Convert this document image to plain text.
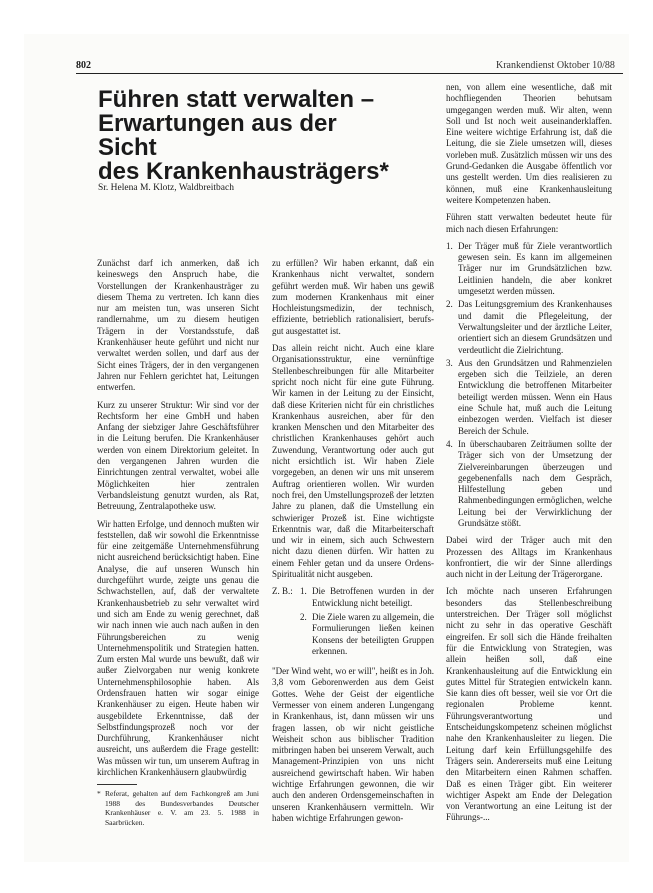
802	Krankendienst Oktober 10/88
Führen statt verwalten –
Erwartungen aus der Sicht
des Krankenhausträgers*
Sr. Helena M. Klotz, Waldbreitbach

Zunächst darf ich anmerken, daß ich keineswegs den Anspruch habe, die Vorstellungen der Krankenhausträger zu diesem Thema zu vertreten. Ich kann dies nur am meisten tun, was unseren Sicht randlernahme, um zu diesem heutigen Trägern in der Vorstandsstufe, daß Krankenhäuser heute geführt und nicht nur verwaltet werden sollen, und darf aus der Sicht eines Trägers, der in den vergangenen Jahren nur Fehlern gerichtet hat, Leitungen entwerfen.

Kurz zu unserer Struktur: Wir sind vor der Rechtsform her eine GmbH und haben Anfang der siebziger Jahre Geschäftsführer in die Leitung berufen. Die Krankenhäuser werden von einem Direktorium geleitet. In den vergangenen Jahren wurden die Einrichtungen zentral verwaltet, wobei alle Möglichkeiten hier zentralen Verbandsleistung genutzt wurden, als Rat, Betreuung, Zentralapotheke usw.

Wir hatten Erfolge, und dennoch mußten wir feststellen, daß wir sowohl die Erkenntnisse für eine zeitgemäße Unternehmensführung nicht ausreichend berücksichtigt haben. Eine Analyse, die auf unseren Wunsch hin durchgeführt wurde, zeigte uns genau die Schwachstellen, auf, daß der verwaltete Krankenhausbetrieb zu sehr verwaltet wird und sich am Ende zu wenig gerechnet, daß wir nach innen wie auch nach außen in den Führungsbereichen zu wenig Unternehmenspolitik und Strategien hatten. Zum ersten Mal wurde uns bewußt, daß wir außer Zielvorgaben nur wenig konkrete Unternehmensphilosophie haben. Als Ordensfrauen hatten wir sogar einige Krankenhäuser zu eigen. Heute haben wir ausgebildete Erkenntnisse, daß der Selbstfindungsprozeß noch vor der Durchführung, Krankenhäuser nicht ausreicht, uns außerdem die Frage gestellt: Was müssen wir tun, um unserem Auftrag in kirchlichen Krankenhäusern glaubwürdig

* Referat, gehalten auf dem Fachkongreß am Juni 1988 des Bundesverbandes Deutscher Krankenhäuser e. V. am 23. 5. 1988 in Saarbrücken.

zu erfüllen? Wir haben erkannt, daß ein Krankenhaus nicht verwaltet, sondern geführt werden muß. Wir haben uns gewiß zum modernen Krankenhaus mit einer Hochleistungsmedizin, der technisch, effiziente, betrieblich rationalisiert, berufs- gut ausgestattet ist.

Das allein reicht nicht. Auch eine klare Organisationsstruktur, eine vernünftige Stellenbeschreibungen für alle Mitarbeiter spricht noch nicht für eine gute Führung. Wir kamen in der Leitung zu der Einsicht, daß diese Kriterien nicht für ein christliches Krankenhaus ausreichen, aber für den kranken Menschen und den Mitarbeiter des christlichen Krankenhauses gehört auch Zuwendung, Verantwortung oder auch gut nicht ersichtlich ist. Wir haben Ziele vorgegeben, an denen wir uns mit unserem Auftrag orientieren wollen. Wir wurden noch frei, den Umstellungsprozeß der letzten Jahre zu planen, daß die Umstellung ein schwieriger Prozeß ist. Eine wichtigste Erkenntnis war, daß die Mitarbeiterschaft und wir in einem, sich auch Schwestern nicht dazu dienen dürfen. Wir hatten zu einem Fehler getan und da unsere Ordens-Spiritualität nicht ausgeben.

Z. B.: 1. Die Betroffenen wurden in der Entwicklung nicht beteiligt.
2. Die Ziele waren zu allgemein, die Formulierungen ließen keinen Konsens der beteiligten Gruppen erkennen.

"Der Wind weht, wo er will", heißt es in Joh. 3,8 vom Geborenwerden aus dem Geist Gottes. Wehe der Geist der eigentliche Vermesser von einem anderen Lungengang in Krankenhaus, ist, dann müssen wir uns fragen lassen, ob wir nicht geistliche Weisheit schon aus biblischer Tradition mitbringen haben bei unserem Verwalt, auch Management-Prinzipien von uns nicht ausreichend gewirtschaft haben. Wir haben wichtige Erfahrungen gewonnen, die wir auch den anderen Ordensgemeinschaften in unseren Krankenhäusern vermitteln. Wir haben wichtige Erfahrungen gewon-

nen, von allem eine wesentliche, daß mit hochfliegenden Theorien behutsam umgegangen werden muß. Wir alten, wenn Soll und Ist noch weit auseinanderklaffen. Eine weitere wichtige Erfahrung ist, daß die Leitung, die sie Ziele umsetzen will, dieses vorleben muß. Zusätzlich müssen wir uns des Grund-Gedanken die Ausgabe öffentlich vor uns gestellt werden. Um dies realisieren zu können, muß eine Krankenhausleitung weitere Kompetenzen haben.

Führen statt verwalten bedeutet heute für mich nach diesen Erfahrungen:

1. Der Träger muß für Ziele verantwortlich gewesen sein. Es kann im allgemeinen Träger nur im Grundsätzlichen bzw. Leitlinien handeln, die aber konkret umgesetzt werden müssen.
2. Das Leitungsgremium des Krankenhauses und damit die Pflegeleitung, der Verwaltungsleiter und der ärztliche Leiter, orientiert sich an diesem Grundsätzen und verdeutlicht die Zielrichtung.
3. Aus den Grundsätzen und Rahmenzielen ergeben sich die Teilziele, an deren Entwicklung die betroffenen Mitarbeiter beteiligt werden müssen. Wenn ein Haus eine Schule hat, muß auch die Leitung einbezogen werden. Vielfach ist dieser Bereich der Schule.
4. In überschaubaren Zeiträumen sollte der Träger sich von der Umsetzung der Zielvereinbarungen überzeugen und gegebenenfalls nach dem Gespräch, Hilfestellung geben und Rahmenbedingungen ermöglichen, welche Leitung bei der Verwirklichung der Grundsätze stößt.

Dabei wird der Träger auch mit den Prozessen des Alltags im Krankenhaus konfrontiert, die wir der Sinne allerdings auch nicht in der Leitung der Trägerorgane.

Ich möchte nach unseren Erfahrungen besonders das Stellenbeschreibung unterstreichen. Der Träger soll möglichst nicht zu sehr in das operative Geschäft eingreifen. Er soll sich die Hände freihalten für die Entwicklung von Strategien, was allein heißen soll, daß eine Krankenhausleitung auf die Entwicklung ein gutes Mittel für Strategien entwickeln kann. Sie kann dies oft besser, weil sie vor Ort die regionalen Probleme kennt. Führungsverantwortung und Entscheidungskompetenz scheinen möglichst nahe den Krankenhausleiter zu liegen. Die Leitung darf kein Erfüllungsgehilfe des Trägers sein. Andererseits muß eine Leitung den Mitarbeitern einen Rahmen schaffen. Daß es einen Träger gibt. Ein weiterer wichtiger Aspekt am Ende der Delegation von Verantwortung an eine Leitung ist der Führungs-...
